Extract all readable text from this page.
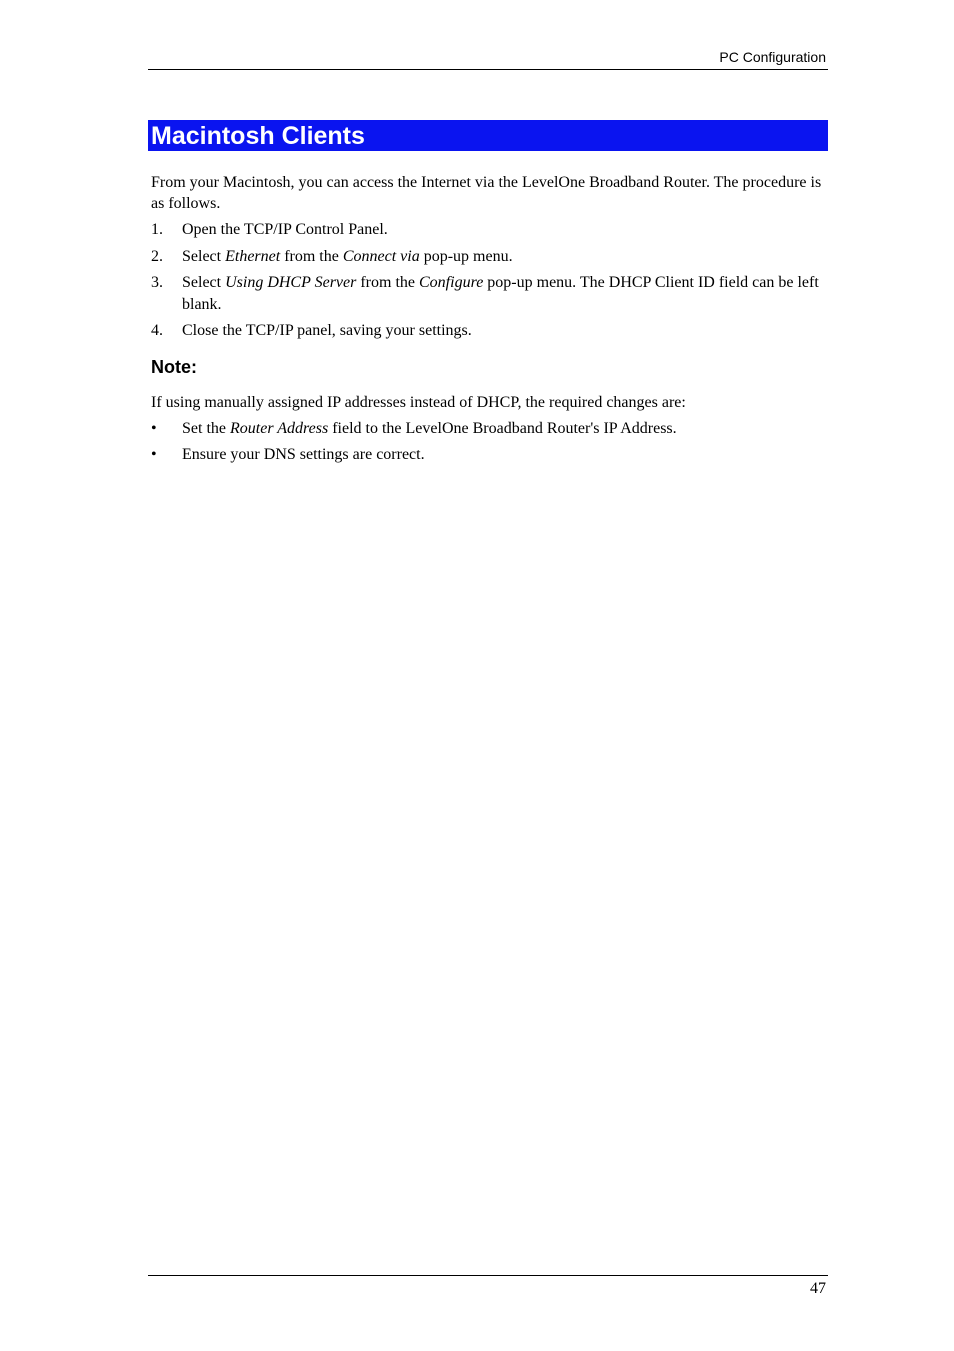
PC Configuration
Macintosh Clients

From your Macintosh, you can access the Internet via the LevelOne Broadband Router. The procedure is as follows.

1. Open the TCP/IP Control Panel.
2. Select Ethernet from the Connect via pop-up menu.
3. Select Using DHCP Server from the Configure pop-up menu. The DHCP Client ID field can be left blank.
4. Close the TCP/IP panel, saving your settings.
Note:

If using manually assigned IP addresses instead of DHCP, the required changes are:

• Set the Router Address field to the LevelOne Broadband Router's IP Address.
• Ensure your DNS settings are correct.
47
